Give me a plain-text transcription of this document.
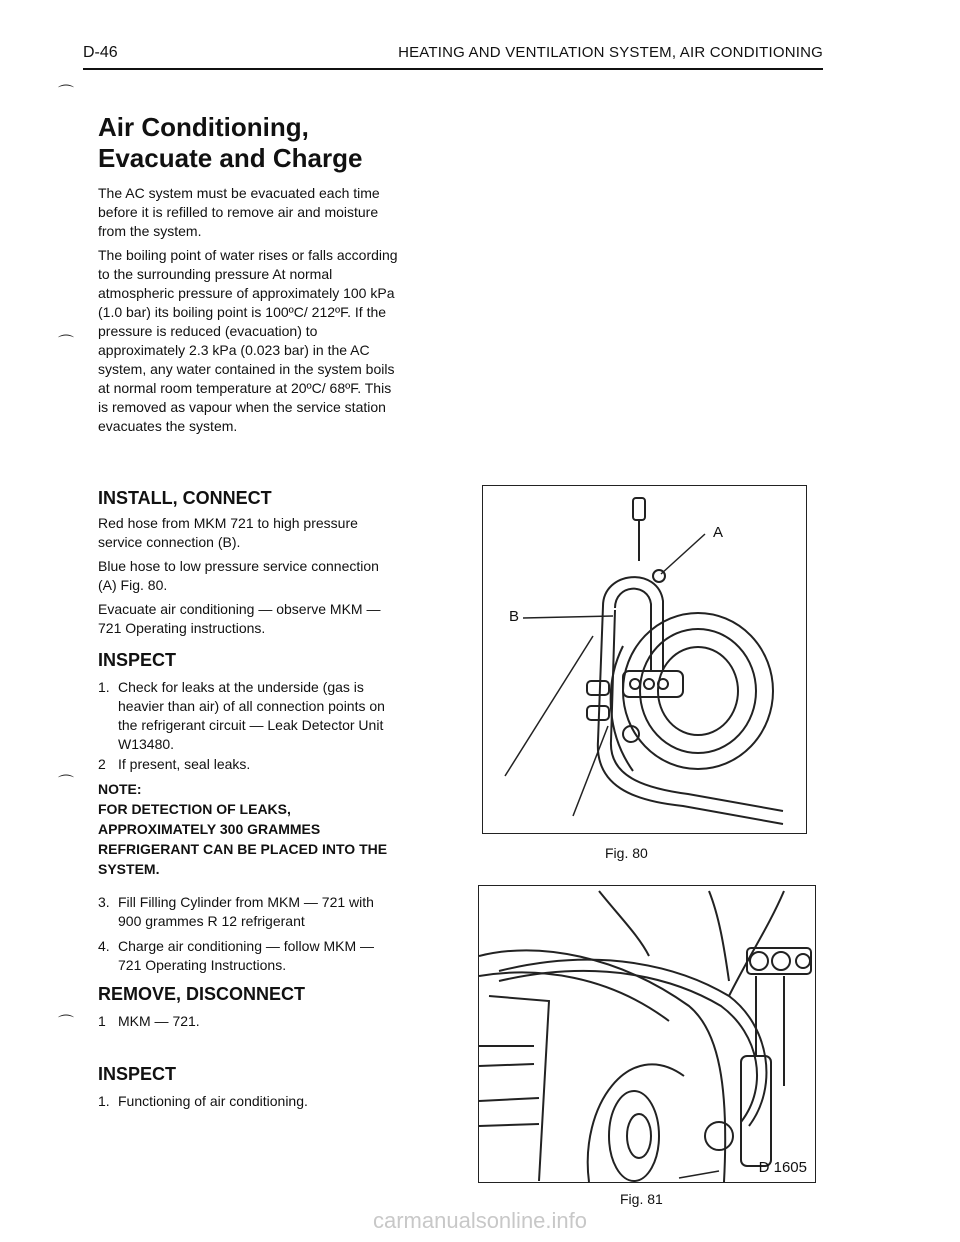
D-46	HEATING AND VENTILATION SYSTEM, AIR CONDITIONING
⌒
⌒
⌒
⌒
Air Conditioning, Evacuate and Charge
The AC system must be evacuated each time before it is refilled to remove air and moisture from the system.
The boiling point of water rises or falls according to the surrounding pressure At normal atmospheric pressure of approximately 100 kPa (1.0 bar) its boiling point is 100ºC/ 212ºF. If the pressure is reduced (evacuation) to approximately 2.3 kPa (0.023 bar) in the AC system, any water contained in the system boils at normal room temperature at 20ºC/ 68ºF. This is removed as vapour when the service station evacuates the system.
INSTALL, CONNECT
Red hose from MKM 721 to high pressure service connection (B).
Blue hose to low pressure service connection (A) Fig. 80.
Evacuate air conditioning — observe MKM — 721 Operating instructions.
INSPECT
1. Check for leaks at the underside (gas is heavier than air) of all connection points on the refrigerant circuit — Leak Detector Unit W13480.
2 If present, seal leaks.
NOTE:
FOR DETECTION OF LEAKS, APPROXIMATELY 300 GRAMMES REFRIGERANT CAN BE PLACED INTO THE SYSTEM.
3. Fill Filling Cylinder from MKM — 721 with 900 grammes R 12 refrigerant
4. Charge air conditioning — follow MKM — 721 Operating Instructions.
REMOVE, DISCONNECT
1 MKM — 721.
INSPECT
1. Functioning of air conditioning.
A
B
Fig. 80
D 1605
Fig. 81
carmanualsonline.info
